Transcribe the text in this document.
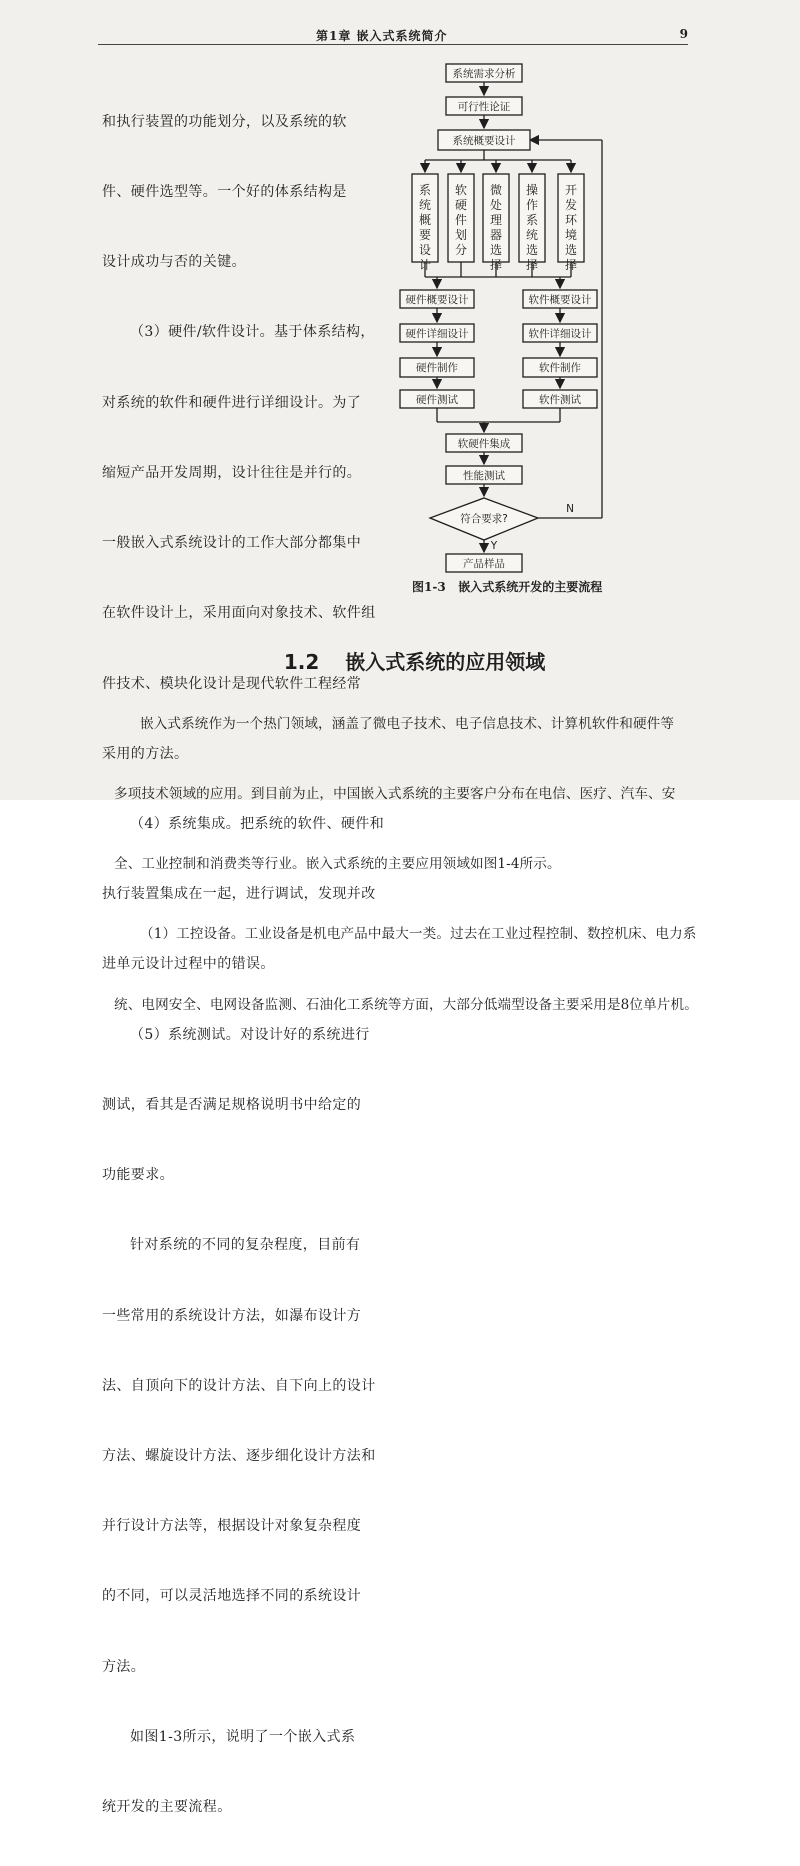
第1章 嵌入式系统简介	9

和执行装置的功能划分，以及系统的软

件、硬件选型等。一个好的体系结构是

设计成功与否的关键。

（3）硬件/软件设计。基于体系结构，

对系统的软件和硬件进行详细设计。为了

缩短产品开发周期，设计往往是并行的。

一般嵌入式系统设计的工作大部分都集中

在软件设计上，采用面向对象技术、软件组

件技术、模块化设计是现代软件工程经常

采用的方法。

（4）系统集成。把系统的软件、硬件和

执行装置集成在一起，进行调试，发现并改

进单元设计过程中的错误。

（5）系统测试。对设计好的系统进行

测试，看其是否满足规格说明书中给定的

功能要求。

针对系统的不同的复杂程度，目前有

一些常用的系统设计方法，如瀑布设计方

法、自顶向下的设计方法、自下向上的设计

方法、螺旋设计方法、逐步细化设计方法和

并行设计方法等，根据设计对象复杂程度

的不同，可以灵活地选择不同的系统设计

方法。

如图1-3所示，说明了一个嵌入式系

统开发的主要流程。

系统需求分析
可行性论证
系统概要设计
硬件概要设计	软件概要设计
硬件详细设计	软件详细设计
硬件制作	软件制作
硬件测试	软件测试
软硬件集成
性能测试
符合要求?
产品样品
Y
N
系统概要设计
软硬件划分
微处理器选择
操作系统选择
开发环境选择
图1-3   嵌入式系统开发的主要流程

1.2 嵌入式系统的应用领域

嵌入式系统作为一个热门领域，涵盖了微电子技术、电子信息技术、计算机软件和硬件等

多项技术领域的应用。到目前为止，中国嵌入式系统的主要客户分布在电信、医疗、汽车、安

全、工业控制和消费类等行业。嵌入式系统的主要应用领域如图1-4所示。

（1）工控设备。工业设备是机电产品中最大一类。过去在工业过程控制、数控机床、电力系

统、电网安全、电网设备监测、石油化工系统等方面，大部分低端型设备主要采用是8位单片机。
